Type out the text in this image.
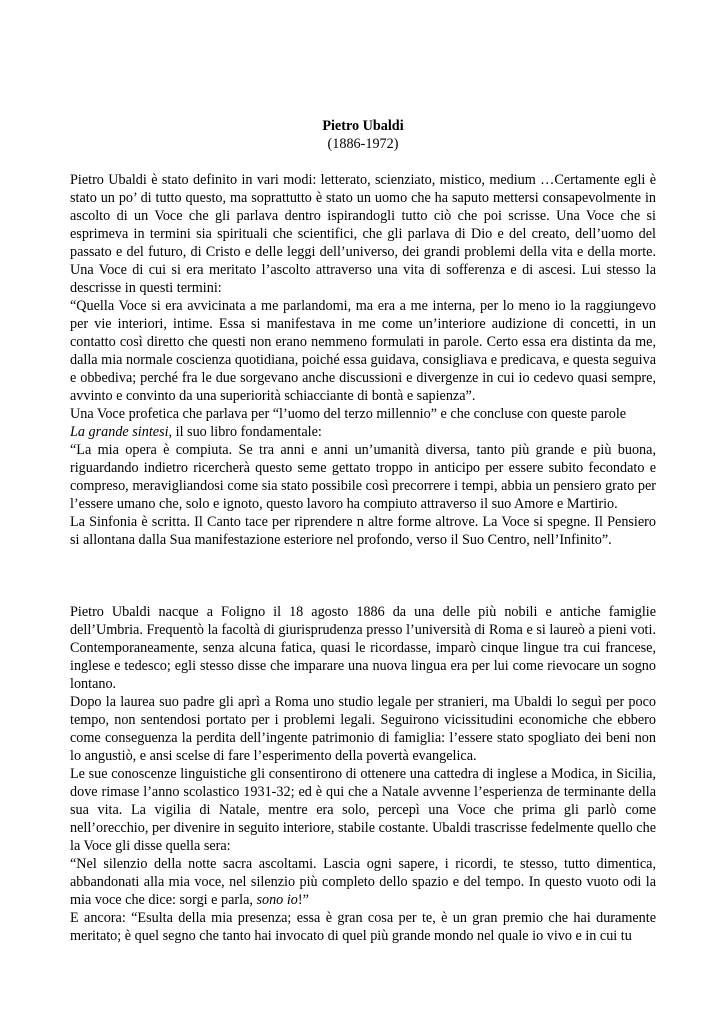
Pietro Ubaldi
(1886-1972)

Pietro Ubaldi è stato definito in vari modi: letterato, scienziato, mistico, medium …Certamente egli è stato un po’ di tutto questo, ma soprattutto è stato un uomo che ha saputo mettersi consapevolmente in ascolto di un Voce che gli parlava dentro ispirandogli tutto ciò che poi scrisse. Una Voce che si esprimeva in termini sia spirituali che scientifici, che gli parlava di Dio e del creato, dell’uomo del passato e del futuro, di Cristo e delle leggi dell’universo, dei grandi problemi della vita e della morte. Una Voce di cui si era meritato l’ascolto attraverso una vita di sofferenza e di ascesi. Lui stesso la descrisse in questi termini:

“Quella Voce si era avvicinata a me parlandomi, ma era a me interna, per lo meno io la raggiungevo per vie interiori, intime. Essa si manifestava in me come un’interiore audizione di concetti, in un contatto così diretto che questi non erano nemmeno formulati in parole. Certo essa era distinta da me, dalla mia normale coscienza quotidiana, poiché essa guidava, consigliava e predicava, e questa seguiva e obbediva; perché fra le due sorgevano anche discussioni e divergenze in cui io cedevo quasi sempre, avvinto e convinto da una superiorità schiacciante di bontà e sapienza”.

Una Voce profetica che parlava per “l’uomo del terzo millennio” e che concluse con queste parole
La grande sintesi, il suo libro fondamentale:

“La mia opera è compiuta. Se tra anni e anni un’umanità diversa, tanto più grande e più buona, riguardando indietro ricercherà questo seme gettato troppo in anticipo per essere subito fecondato e compreso, meravigliandosi come sia stato possibile così precorrere i tempi, abbia un pensiero grato per l’essere umano che, solo e ignoto, questo lavoro ha compiuto attraverso il suo Amore e Martirio.

La Sinfonia è scritta. Il Canto tace per riprendere n altre forme altrove. La Voce si spegne. Il Pensiero si allontana dalla Sua manifestazione esteriore nel profondo, verso il Suo Centro, nell’Infinito”.

Pietro Ubaldi nacque a Foligno il 18 agosto 1886 da una delle più nobili e antiche famiglie dell’Umbria. Frequentò la facoltà di giurisprudenza presso l’università di Roma e si laureò a pieni voti. Contemporaneamente, senza alcuna fatica, quasi le ricordasse, imparò cinque lingue tra cui francese, inglese e tedesco; egli stesso disse che imparare una nuova lingua era per lui come rievocare un sogno lontano.

Dopo la laurea suo padre gli aprì a Roma uno studio legale per stranieri, ma Ubaldi lo seguì per poco tempo, non sentendosi portato per i problemi legali. Seguirono vicissitudini economiche che ebbero come conseguenza la perdita dell’ingente patrimonio di famiglia: l’essere stato spogliato dei beni non lo angustiò, e ansi scelse di fare l’esperimento della povertà evangelica.

Le sue conoscenze linguistiche gli consentirono di ottenere una cattedra di inglese a Modica, in Sicilia, dove rimase l’anno scolastico 1931-32; ed è qui che a Natale avvenne l’esperienza de terminante della sua vita. La vigilia di Natale, mentre era solo, percepì una Voce che prima gli parlò come nell’orecchio, per divenire in seguito interiore, stabile costante. Ubaldi trascrisse fedelmente quello che la Voce gli disse quella sera:

“Nel silenzio della notte sacra ascoltami. Lascia ogni sapere, i ricordi, te stesso, tutto dimentica, abbandonati alla mia voce, nel silenzio più completo dello spazio e del tempo. In questo vuoto odi la mia voce che dice: sorgi e parla, sono io!”

E ancora: “Esulta della mia presenza; essa è gran cosa per te, è un gran premio che hai duramente meritato; è quel segno che tanto hai invocato di quel più grande mondo nel quale io vivo e in cui tu
